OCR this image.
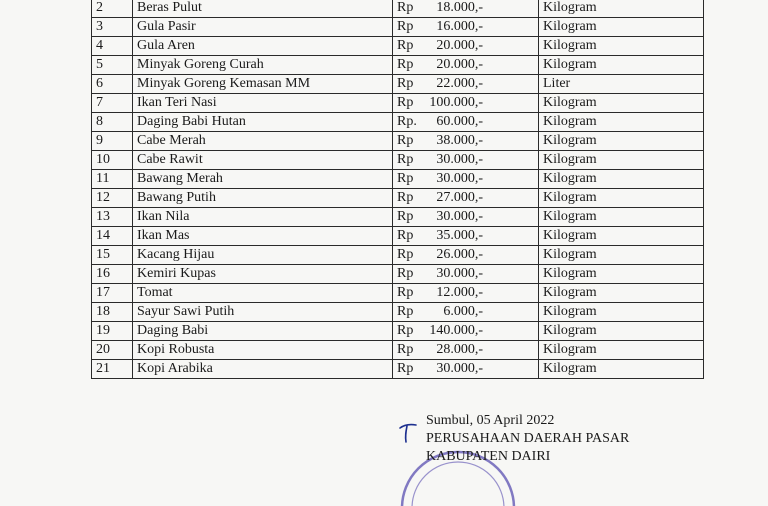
2	Beras Pulut	Rp 18.000,-	Kilogram
3	Gula Pasir	Rp 16.000,-	Kilogram
4	Gula Aren	Rp 20.000,-	Kilogram
5	Minyak Goreng Curah	Rp 20.000,-	Kilogram
6	Minyak Goreng Kemasan MM	Rp 22.000,-	Liter
7	Ikan Teri Nasi	Rp 100.000,-	Kilogram
8	Daging Babi Hutan	Rp. 60.000,-	Kilogram
9	Cabe Merah	Rp 38.000,-	Kilogram
10	Cabe Rawit	Rp 30.000,-	Kilogram
11	Bawang Merah	Rp 30.000,-	Kilogram
12	Bawang Putih	Rp 27.000,-	Kilogram
13	Ikan Nila	Rp 30.000,-	Kilogram
14	Ikan Mas	Rp 35.000,-	Kilogram
15	Kacang Hijau	Rp 26.000,-	Kilogram
16	Kemiri Kupas	Rp 30.000,-	Kilogram
17	Tomat	Rp 12.000,-	Kilogram
18	Sayur Sawi Putih	Rp 6.000,-	Kilogram
19	Daging Babi	Rp 140.000,-	Kilogram
20	Kopi Robusta	Rp 28.000,-	Kilogram
21	Kopi Arabika	Rp 30.000,-	Kilogram
Sumbul, 05 April 2022
PERUSAHAAN DAERAH PASAR
KABUPATEN DAIRI
